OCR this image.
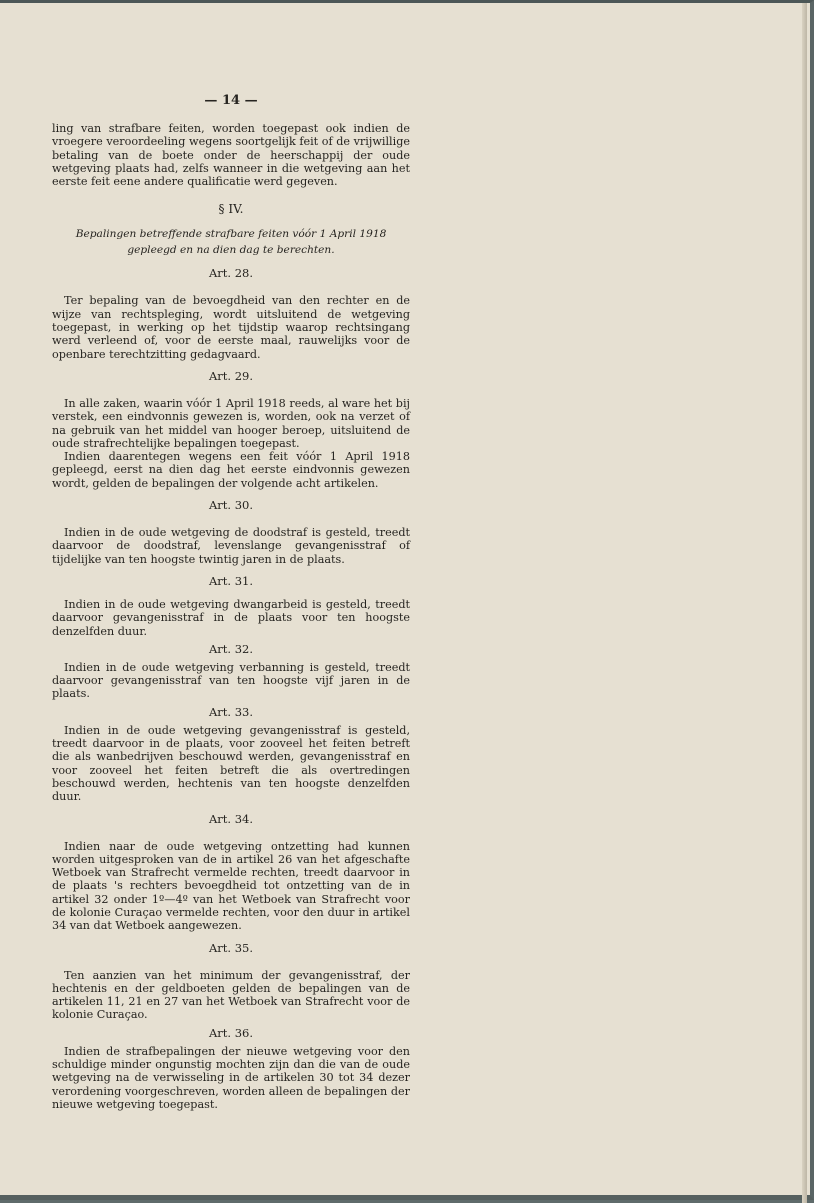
— 14 —

ling van strafbare feiten, worden toegepast ook indien de vroegere veroordeeling wegens soortgelijk feit of de vrijwillige betaling van de boete onder de heerschappij der oude wetgeving plaats had, zelfs wanneer in die wetgeving aan het eerste feit eene andere qualificatie werd gegeven.

§ IV.
Bepalingen betreffende strafbare feiten vóór 1 April 1918
gepleegd en na dien dag te berechten.
Art. 28.

Ter bepaling van de bevoegdheid van den rechter en de wijze van rechtspleging, wordt uitsluitend de wetgeving toegepast, in werking op het tijdstip waarop rechtsingang werd verleend of, voor de eerste maal, rauwelijks voor de openbare terechtzitting gedagvaard.

Art. 29.

In alle zaken, waarin vóór 1 April 1918 reeds, al ware het bij verstek, een eindvonnis gewezen is, worden, ook na verzet of na gebruik van het middel van hooger beroep, uitsluitend de oude strafrechtelijke bepalingen toegepast.

Indien daarentegen wegens een feit vóór 1 April 1918 gepleegd, eerst na dien dag het eerste eindvonnis gewezen wordt, gelden de bepalingen der volgende acht artikelen.

Art. 30.

Indien in de oude wetgeving de doodstraf is gesteld, treedt daarvoor de doodstraf, levenslange gevangenisstraf of tijdelijke van ten hoogste twintig jaren in de plaats.

Art. 31.

Indien in de oude wetgeving dwangarbeid is gesteld, treedt daarvoor gevangenisstraf in de plaats voor ten hoogste denzelfden duur.

Art. 32.

Indien in de oude wetgeving verbanning is gesteld, treedt daarvoor gevangenisstraf van ten hoogste vijf jaren in de plaats.

Art. 33.

Indien in de oude wetgeving gevangenisstraf is gesteld, treedt daarvoor in de plaats, voor zooveel het feiten betreft die als wanbedrijven beschouwd werden, gevangenisstraf en voor zooveel het feiten betreft die als overtredingen beschouwd werden, hechtenis van ten hoogste denzelfden duur.

Art. 34.

Indien naar de oude wetgeving ontzetting had kunnen worden uitgesproken van de in artikel 26 van het afgeschafte Wetboek van Strafrecht vermelde rechten, treedt daarvoor in de plaats 's rechters bevoegdheid tot ontzetting van de in artikel 32 onder 1º—4º van het Wetboek van Strafrecht voor de kolonie Curaçao vermelde rechten, voor den duur in artikel 34 van dat Wetboek aangewezen.

Art. 35.

Ten aanzien van het minimum der gevangenisstraf, der hechtenis en der geldboeten gelden de bepalingen van de artikelen 11, 21 en 27 van het Wetboek van Strafrecht voor de kolonie Curaçao.

Art. 36.

Indien de strafbepalingen der nieuwe wetgeving voor den schuldige minder ongunstig mochten zijn dan die van de oude wetgeving na de verwisseling in de artikelen 30 tot 34 dezer verordening voorgeschreven, worden alleen de bepalingen der nieuwe wetgeving toegepast.
